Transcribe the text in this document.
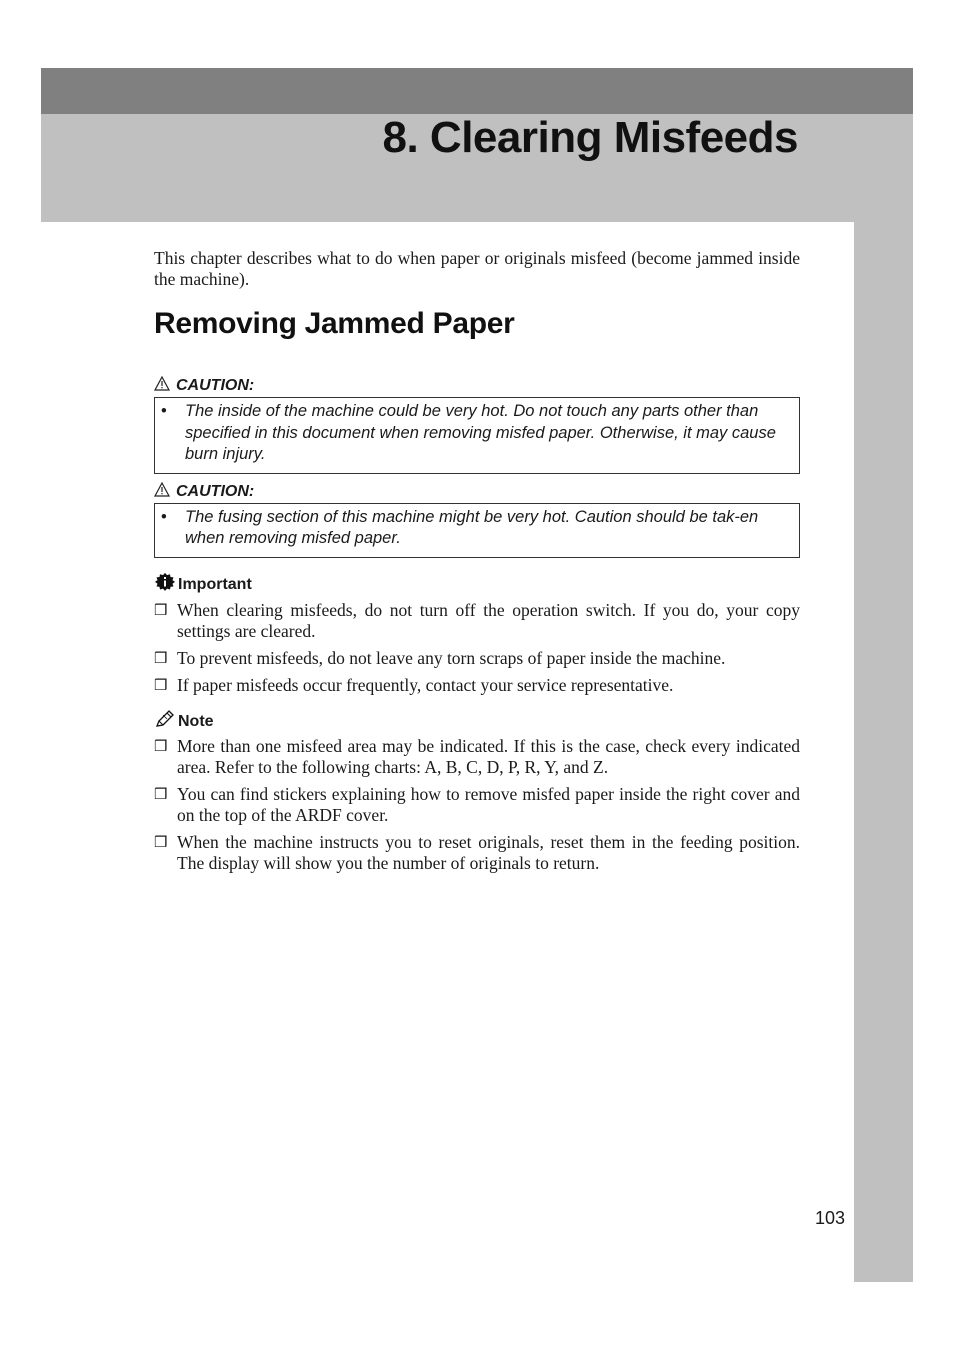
8. Clearing Misfeeds

This chapter describes what to do when paper or originals misfeed (become jammed inside the machine).

Removing Jammed Paper
CAUTION:
•	The inside of the machine could be very hot. Do not touch any parts other than specified in this document when removing misfed paper. Otherwise, it may cause burn injury.
CAUTION:
•	The fusing section of this machine might be very hot. Caution should be tak-en when removing misfed paper.
Important
❒ When clearing misfeeds, do not turn off the operation switch. If you do, your copy settings are cleared.
❒ To prevent misfeeds, do not leave any torn scraps of paper inside the machine.
❒ If paper misfeeds occur frequently, contact your service representative.
Note
❒ More than one misfeed area may be indicated. If this is the case, check every indicated area. Refer to the following charts: A, B, C, D, P, R, Y, and Z.
❒ You can find stickers explaining how to remove misfed paper inside the right cover and on the top of the ARDF cover.
❒ When the machine instructs you to reset originals, reset them in the feeding position. The display will show you the number of originals to return.

103
